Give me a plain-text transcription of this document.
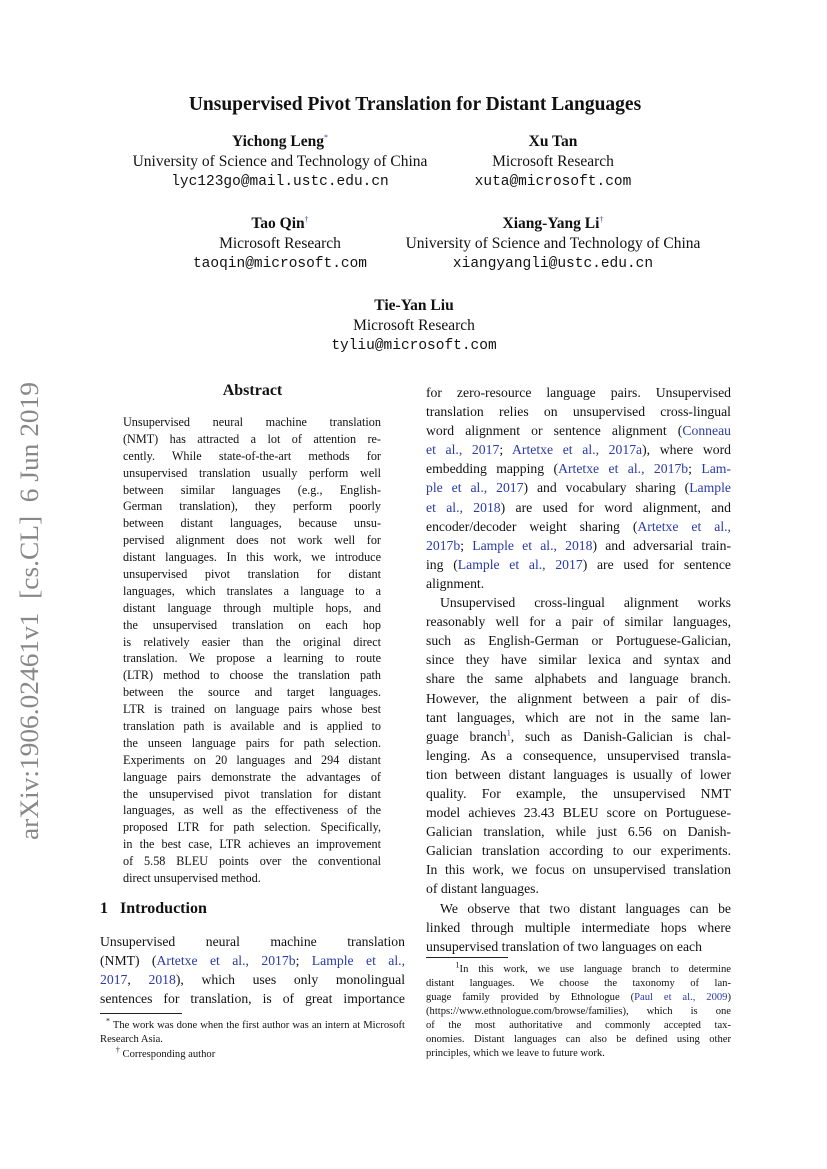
arXiv:1906.02461v1  [cs.CL]  6 Jun 2019
Unsupervised Pivot Translation for Distant Languages
Yichong Leng*
University of Science and Technology of China
lyc123go@mail.ustc.edu.cn
Xu Tan
Microsoft Research
xuta@microsoft.com
Tao Qin†
Microsoft Research
taoqin@microsoft.com
Xiang-Yang Li†
University of Science and Technology of China
xiangyangli@ustc.edu.cn
Tie-Yan Liu
Microsoft Research
tyliu@microsoft.com
Abstract
Unsupervised neural machine translation
(NMT) has attracted a lot of attention re-
cently. While state-of-the-art methods for
unsupervised translation usually perform well
between similar languages (e.g., English-
German translation), they perform poorly
between distant languages, because unsu-
pervised alignment does not work well for
distant languages. In this work, we introduce
unsupervised pivot translation for distant
languages, which translates a language to a
distant language through multiple hops, and
the unsupervised translation on each hop
is relatively easier than the original direct
translation. We propose a learning to route
(LTR) method to choose the translation path
between the source and target languages.
LTR is trained on language pairs whose best
translation path is available and is applied to
the unseen language pairs for path selection.
Experiments on 20 languages and 294 distant
language pairs demonstrate the advantages of
the unsupervised pivot translation for distant
languages, as well as the effectiveness of the
proposed LTR for path selection. Specifically,
in the best case, LTR achieves an improvement
of 5.58 BLEU points over the conventional
direct unsupervised method.
1 Introduction
Unsupervised neural machine translation
(NMT) (Artetxe et al., 2017b; Lample et al.,
2017, 2018), which uses only monolingual
sentences for translation, is of great importance
* The work was done when the first author was an intern at Microsoft Research Asia.
† Corresponding author
for zero-resource language pairs. Unsupervised
translation relies on unsupervised cross-lingual
word alignment or sentence alignment (Conneau
et al., 2017; Artetxe et al., 2017a), where word
embedding mapping (Artetxe et al., 2017b; Lam-
ple et al., 2017) and vocabulary sharing (Lample
et al., 2018) are used for word alignment, and
encoder/decoder weight sharing (Artetxe et al.,
2017b; Lample et al., 2018) and adversarial train-
ing (Lample et al., 2017) are used for sentence
alignment.
Unsupervised cross-lingual alignment works
reasonably well for a pair of similar languages,
such as English-German or Portuguese-Galician,
since they have similar lexica and syntax and
share the same alphabets and language branch.
However, the alignment between a pair of dis-
tant languages, which are not in the same lan-
guage branch$^1$, such as Danish-Galician is chal-
lenging. As a consequence, unsupervised transla-
tion between distant languages is usually of lower
quality. For example, the unsupervised NMT
model achieves 23.43 BLEU score on Portuguese-
Galician translation, while just 6.56 on Danish-
Galician translation according to our experiments.
In this work, we focus on unsupervised translation
of distant languages.
We observe that two distant languages can be
linked through multiple intermediate hops where
unsupervised translation of two languages on each
$^1$In this work, we use language branch to determine
distant languages. We choose the taxonomy of lan-
guage family provided by Ethnologue (Paul et al., 2009)
(https://www.ethnologue.com/browse/families), which is one
of the most authoritative and commonly accepted tax-
onomies. Distant languages can also be defined using other
principles, which we leave to future work.
